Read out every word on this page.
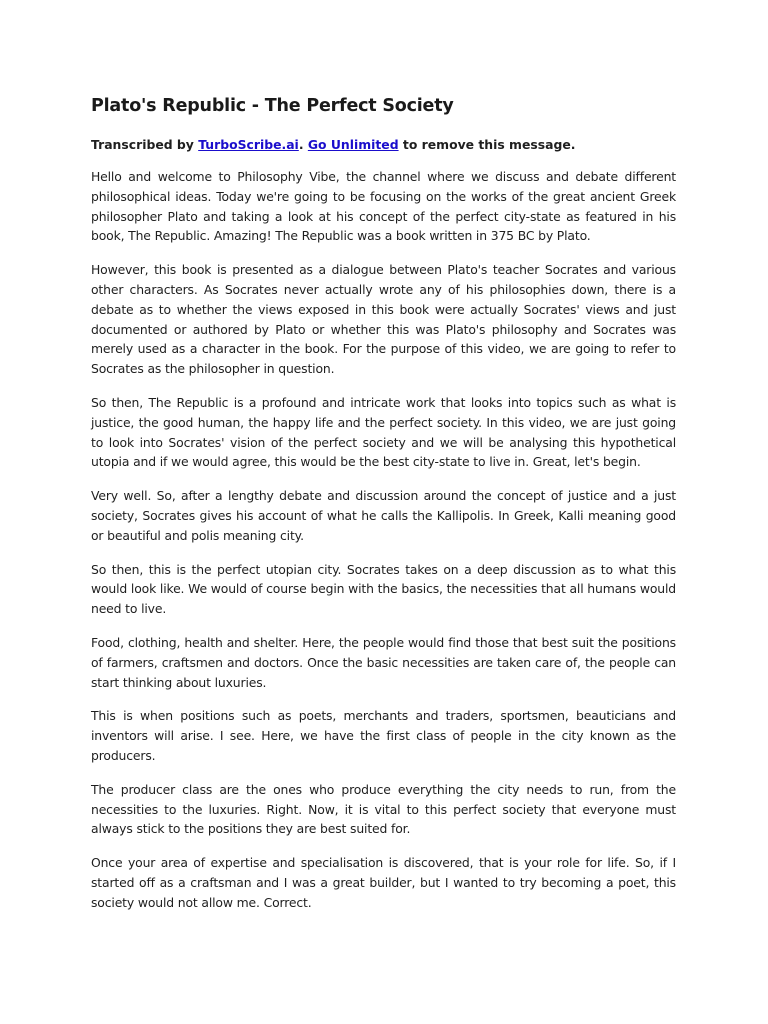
Plato's Republic - The Perfect Society

Transcribed by TurboScribe.ai. Go Unlimited to remove this message.

Hello and welcome to Philosophy Vibe, the channel where we discuss and debate different philosophical ideas. Today we're going to be focusing on the works of the great ancient Greek philosopher Plato and taking a look at his concept of the perfect city-state as featured in his book, The Republic. Amazing! The Republic was a book written in 375 BC by Plato.

However, this book is presented as a dialogue between Plato's teacher Socrates and various other characters. As Socrates never actually wrote any of his philosophies down, there is a debate as to whether the views exposed in this book were actually Socrates' views and just documented or authored by Plato or whether this was Plato's philosophy and Socrates was merely used as a character in the book. For the purpose of this video, we are going to refer to Socrates as the philosopher in question.

So then, The Republic is a profound and intricate work that looks into topics such as what is justice, the good human, the happy life and the perfect society. In this video, we are just going to look into Socrates' vision of the perfect society and we will be analysing this hypothetical utopia and if we would agree, this would be the best city-state to live in. Great, let's begin.

Very well. So, after a lengthy debate and discussion around the concept of justice and a just society, Socrates gives his account of what he calls the Kallipolis. In Greek, Kalli meaning good or beautiful and polis meaning city.

So then, this is the perfect utopian city. Socrates takes on a deep discussion as to what this would look like. We would of course begin with the basics, the necessities that all humans would need to live.

Food, clothing, health and shelter. Here, the people would find those that best suit the positions of farmers, craftsmen and doctors. Once the basic necessities are taken care of, the people can start thinking about luxuries.

This is when positions such as poets, merchants and traders, sportsmen, beauticians and inventors will arise. I see. Here, we have the first class of people in the city known as the producers.

The producer class are the ones who produce everything the city needs to run, from the necessities to the luxuries. Right. Now, it is vital to this perfect society that everyone must always stick to the positions they are best suited for.

Once your area of expertise and specialisation is discovered, that is your role for life. So, if I started off as a craftsman and I was a great builder, but I wanted to try becoming a poet, this society would not allow me. Correct.
